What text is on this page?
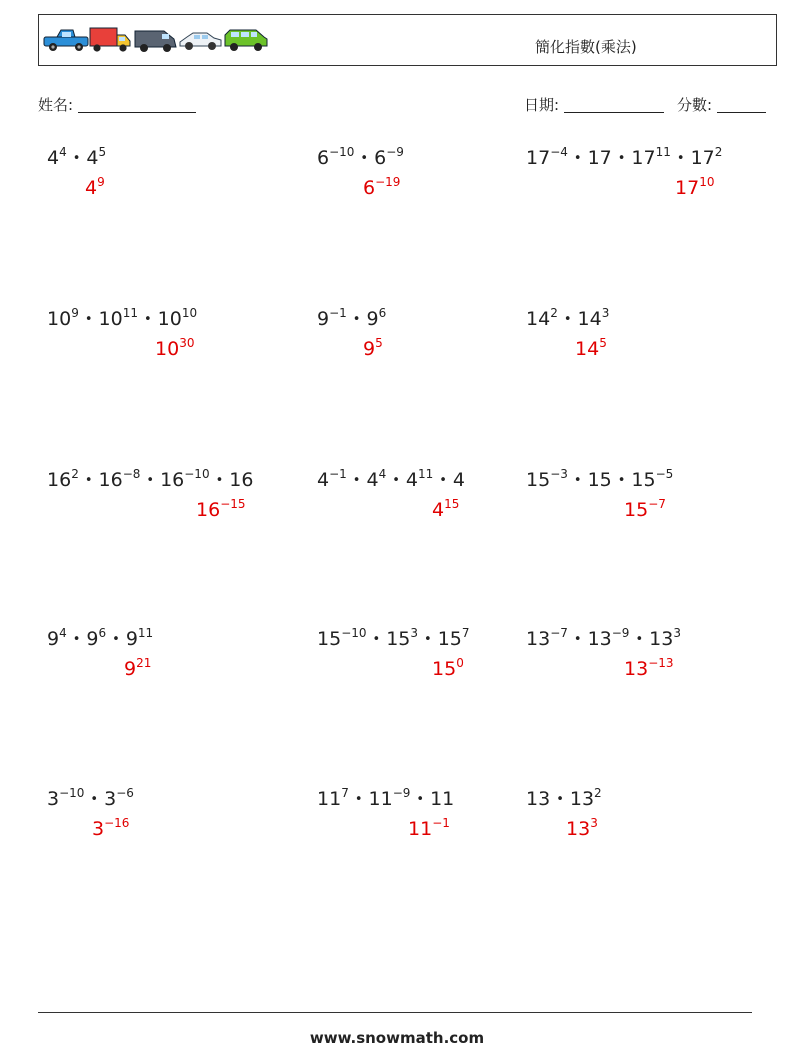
簡化指數(乘法)
姓名:	日期:	分數:
$4^4$ • $4^5$
$4^9$
$6^{-10}$ • $6^{-9}$
$6^{-19}$
$17^{-4}$ • 17 • $17^{11}$ • $17^2$
$17^{10}$
$10^9$ • $10^{11}$ • $10^{10}$
$10^{30}$
$9^{-1}$ • $9^6$
$9^5$
$14^2$ • $14^3$
$14^5$
$16^2$ • $16^{-8}$ • $16^{-10}$ • 16
$16^{-15}$
$4^{-1}$ • $4^4$ • $4^{11}$ • 4
$4^{15}$
$15^{-3}$ • 15 • $15^{-5}$
$15^{-7}$
$9^4$ • $9^6$ • $9^{11}$
$9^{21}$
$15^{-10}$ • $15^3$ • $15^7$
$15^0$
$13^{-7}$ • $13^{-9}$ • $13^3$
$13^{-13}$
$3^{-10}$ • $3^{-6}$
$3^{-16}$
$11^7$ • $11^{-9}$ • 11
$11^{-1}$
13 • $13^2$
$13^3$
www.snowmath.com
